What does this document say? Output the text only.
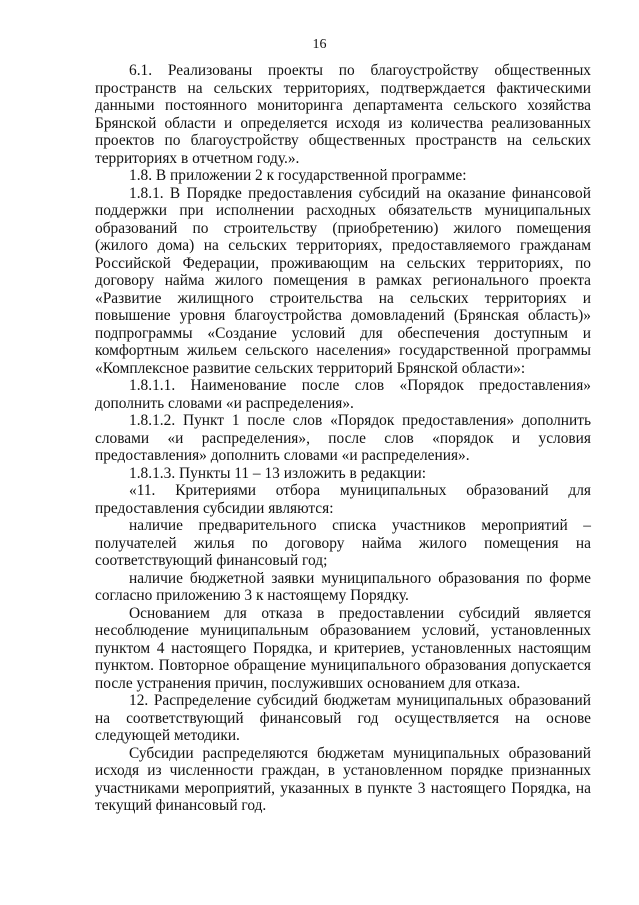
16

6.1. Реализованы проекты по благоустройству общественных пространств на сельских территориях, подтверждается фактическими данными постоянного мониторинга департамента сельского хозяйства Брянской области и определяется исходя из количества реализованных проектов по благоустройству общественных пространств на сельских территориях в отчетном году.».

1.8. В приложении 2 к государственной программе:

1.8.1. В Порядке предоставления субсидий на оказание финансовой поддержки при исполнении расходных обязательств муниципальных образований по строительству (приобретению) жилого помещения (жилого дома) на сельских территориях, предоставляемого гражданам Российской Федерации, проживающим на сельских территориях, по договору найма жилого помещения в рамках регионального проекта «Развитие жилищного строительства на сельских территориях и повышение уровня благоустройства домовладений (Брянская область)» подпрограммы «Создание условий для обеспечения доступным и комфортным жильем сельского населения» государственной программы «Комплексное развитие сельских территорий Брянской области»:

1.8.1.1. Наименование после слов «Порядок предоставления» дополнить словами «и распределения».

1.8.1.2. Пункт 1 после слов «Порядок предоставления» дополнить словами «и распределения», после слов «порядок и условия предоставления» дополнить словами «и распределения».

1.8.1.3. Пункты 11 – 13 изложить в редакции:

«11. Критериями отбора муниципальных образований для предоставления субсидии являются:

наличие предварительного списка участников мероприятий – получателей жилья по договору найма жилого помещения на соответствующий финансовый год;

наличие бюджетной заявки муниципального образования по форме согласно приложению 3 к настоящему Порядку.

Основанием для отказа в предоставлении субсидий является несоблюдение муниципальным образованием условий, установленных пунктом 4 настоящего Порядка, и критериев, установленных настоящим пунктом. Повторное обращение муниципального образования допускается после устранения причин, послуживших основанием для отказа.

12. Распределение субсидий бюджетам муниципальных образований на соответствующий финансовый год осуществляется на основе следующей методики.

Субсидии распределяются бюджетам муниципальных образований исходя из численности граждан, в установленном порядке признанных участниками мероприятий, указанных в пункте 3 настоящего Порядка, на текущий финансовый год.
